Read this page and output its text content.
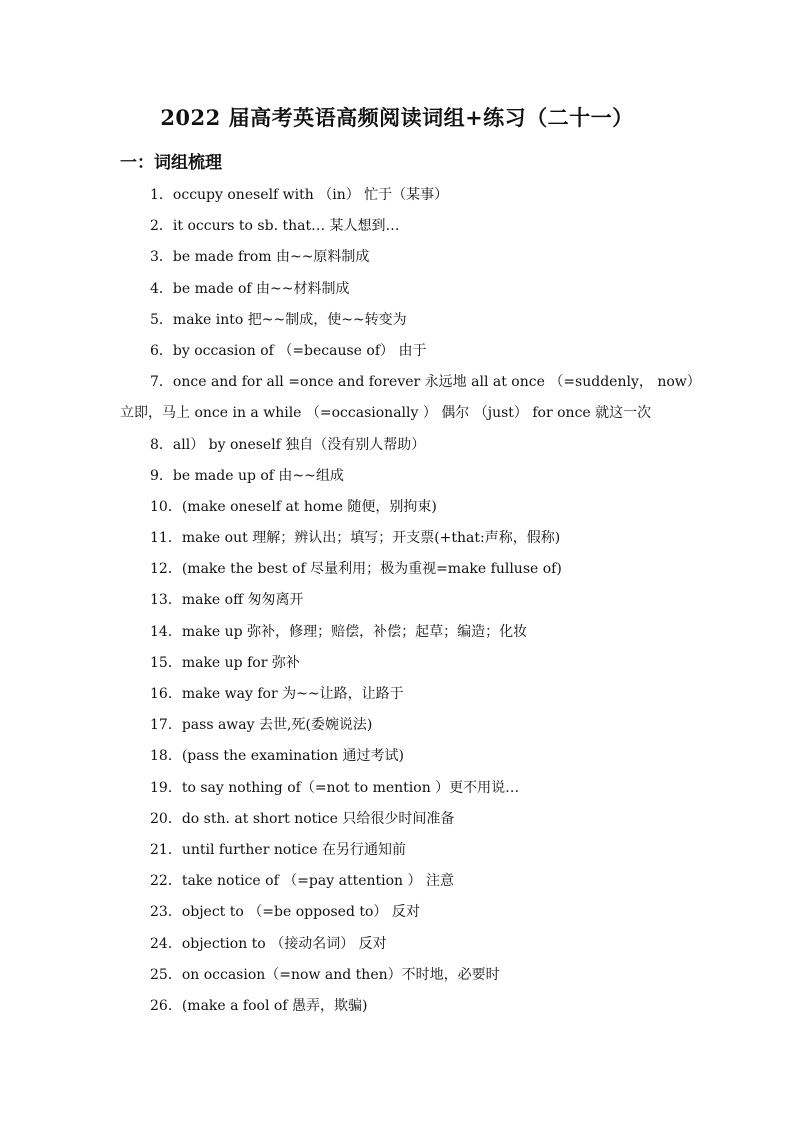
2022 届高考英语高频阅读词组+练习（二十一）
一：词组梳理
1．occupy oneself with （in） 忙于（某事）
2．it occurs to sb. that… 某人想到…
3．be made from 由~~原料制成
4．be made of 由~~材料制成
5．make into 把~~制成，使~~转变为
6．by occasion of （=because of） 由于
7．once and for all =once and forever 永远地 all at once （=suddenly， now）
立即，马上 once in a while （=occasionally ） 偶尔 （just） for once 就这一次
8．all） by oneself 独自（没有别人帮助）
9．be made up of 由~~组成
10．(make oneself at home 随便，别拘束)
11．make out 理解；辨认出；填写；开支票(+that:声称，假称)
12．(make the best of 尽量利用；极为重视=make fulluse of)
13．make off 匆匆离开
14．make up 弥补，修理；赔偿，补偿；起草；编造；化妆
15．make up for 弥补
16．make way for 为~~让路，让路于
17．pass away 去世,死(委婉说法)
18．(pass the examination 通过考试)
19．to say nothing of（=not to mention ）更不用说…
20．do sth. at short notice 只给很少时间准备
21．until further notice 在另行通知前
22．take notice of （=pay attention ） 注意
23．object to （=be opposed to） 反对
24．objection to （接动名词） 反对
25．on occasion（=now and then）不时地，必要时
26．(make a fool of 愚弄，欺骗)
